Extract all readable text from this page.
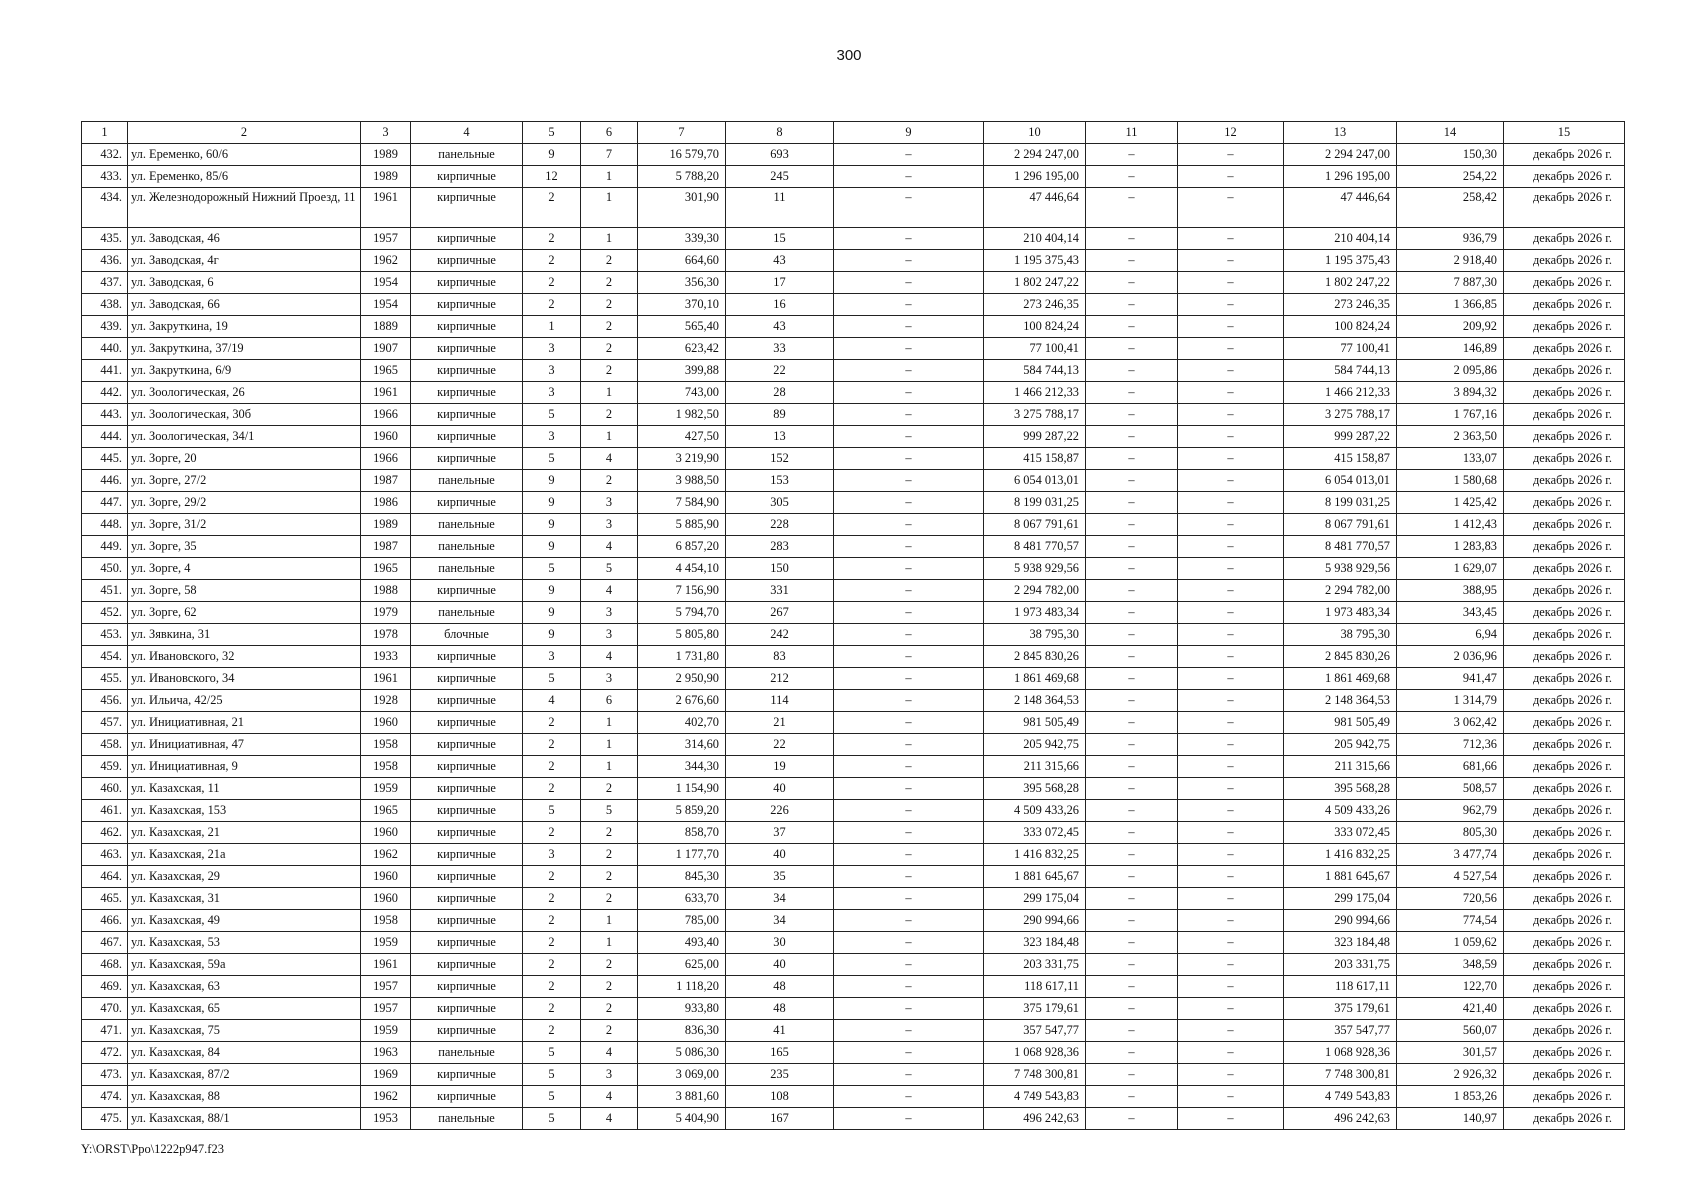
300
1	2	3	4	5	6	7	8	9	10	11	12	13	14	15
432.	ул. Еременко, 60/6	1989	панельные	9	7	16 579,70	693	–	2 294 247,00	–	–	2 294 247,00	150,30	декабрь 2026 г.
433.	ул. Еременко, 85/6	1989	кирпичные	12	1	5 788,20	245	–	1 296 195,00	–	–	1 296 195,00	254,22	декабрь 2026 г.
434.	ул. Железнодорожный Нижний Проезд, 11	1961	кирпичные	2	1	301,90	11	–	47 446,64	–	–	47 446,64	258,42	декабрь 2026 г.
435.	ул. Заводская, 46	1957	кирпичные	2	1	339,30	15	–	210 404,14	–	–	210 404,14	936,79	декабрь 2026 г.
436.	ул. Заводская, 4г	1962	кирпичные	2	2	664,60	43	–	1 195 375,43	–	–	1 195 375,43	2 918,40	декабрь 2026 г.
437.	ул. Заводская, 6	1954	кирпичные	2	2	356,30	17	–	1 802 247,22	–	–	1 802 247,22	7 887,30	декабрь 2026 г.
438.	ул. Заводская, 66	1954	кирпичные	2	2	370,10	16	–	273 246,35	–	–	273 246,35	1 366,85	декабрь 2026 г.
439.	ул. Закруткина, 19	1889	кирпичные	1	2	565,40	43	–	100 824,24	–	–	100 824,24	209,92	декабрь 2026 г.
440.	ул. Закруткина, 37/19	1907	кирпичные	3	2	623,42	33	–	77 100,41	–	–	77 100,41	146,89	декабрь 2026 г.
441.	ул. Закруткина, 6/9	1965	кирпичные	3	2	399,88	22	–	584 744,13	–	–	584 744,13	2 095,86	декабрь 2026 г.
442.	ул. Зоологическая, 26	1961	кирпичные	3	1	743,00	28	–	1 466 212,33	–	–	1 466 212,33	3 894,32	декабрь 2026 г.
443.	ул. Зоологическая, 30б	1966	кирпичные	5	2	1 982,50	89	–	3 275 788,17	–	–	3 275 788,17	1 767,16	декабрь 2026 г.
444.	ул. Зоологическая, 34/1	1960	кирпичные	3	1	427,50	13	–	999 287,22	–	–	999 287,22	2 363,50	декабрь 2026 г.
445.	ул. Зорге, 20	1966	кирпичные	5	4	3 219,90	152	–	415 158,87	–	–	415 158,87	133,07	декабрь 2026 г.
446.	ул. Зорге, 27/2	1987	панельные	9	2	3 988,50	153	–	6 054 013,01	–	–	6 054 013,01	1 580,68	декабрь 2026 г.
447.	ул. Зорге, 29/2	1986	кирпичные	9	3	7 584,90	305	–	8 199 031,25	–	–	8 199 031,25	1 425,42	декабрь 2026 г.
448.	ул. Зорге, 31/2	1989	панельные	9	3	5 885,90	228	–	8 067 791,61	–	–	8 067 791,61	1 412,43	декабрь 2026 г.
449.	ул. Зорге, 35	1987	панельные	9	4	6 857,20	283	–	8 481 770,57	–	–	8 481 770,57	1 283,83	декабрь 2026 г.
450.	ул. Зорге, 4	1965	панельные	5	5	4 454,10	150	–	5 938 929,56	–	–	5 938 929,56	1 629,07	декабрь 2026 г.
451.	ул. Зорге, 58	1988	кирпичные	9	4	7 156,90	331	–	2 294 782,00	–	–	2 294 782,00	388,95	декабрь 2026 г.
452.	ул. Зорге, 62	1979	панельные	9	3	5 794,70	267	–	1 973 483,34	–	–	1 973 483,34	343,45	декабрь 2026 г.
453.	ул. Зявкина, 31	1978	блочные	9	3	5 805,80	242	–	38 795,30	–	–	38 795,30	6,94	декабрь 2026 г.
454.	ул. Ивановского, 32	1933	кирпичные	3	4	1 731,80	83	–	2 845 830,26	–	–	2 845 830,26	2 036,96	декабрь 2026 г.
455.	ул. Ивановского, 34	1961	кирпичные	5	3	2 950,90	212	–	1 861 469,68	–	–	1 861 469,68	941,47	декабрь 2026 г.
456.	ул. Ильича, 42/25	1928	кирпичные	4	6	2 676,60	114	–	2 148 364,53	–	–	2 148 364,53	1 314,79	декабрь 2026 г.
457.	ул. Инициативная, 21	1960	кирпичные	2	1	402,70	21	–	981 505,49	–	–	981 505,49	3 062,42	декабрь 2026 г.
458.	ул. Инициативная, 47	1958	кирпичные	2	1	314,60	22	–	205 942,75	–	–	205 942,75	712,36	декабрь 2026 г.
459.	ул. Инициативная, 9	1958	кирпичные	2	1	344,30	19	–	211 315,66	–	–	211 315,66	681,66	декабрь 2026 г.
460.	ул. Казахская, 11	1959	кирпичные	2	2	1 154,90	40	–	395 568,28	–	–	395 568,28	508,57	декабрь 2026 г.
461.	ул. Казахская, 153	1965	кирпичные	5	5	5 859,20	226	–	4 509 433,26	–	–	4 509 433,26	962,79	декабрь 2026 г.
462.	ул. Казахская, 21	1960	кирпичные	2	2	858,70	37	–	333 072,45	–	–	333 072,45	805,30	декабрь 2026 г.
463.	ул. Казахская, 21а	1962	кирпичные	3	2	1 177,70	40	–	1 416 832,25	–	–	1 416 832,25	3 477,74	декабрь 2026 г.
464.	ул. Казахская, 29	1960	кирпичные	2	2	845,30	35	–	1 881 645,67	–	–	1 881 645,67	4 527,54	декабрь 2026 г.
465.	ул. Казахская, 31	1960	кирпичные	2	2	633,70	34	–	299 175,04	–	–	299 175,04	720,56	декабрь 2026 г.
466.	ул. Казахская, 49	1958	кирпичные	2	1	785,00	34	–	290 994,66	–	–	290 994,66	774,54	декабрь 2026 г.
467.	ул. Казахская, 53	1959	кирпичные	2	1	493,40	30	–	323 184,48	–	–	323 184,48	1 059,62	декабрь 2026 г.
468.	ул. Казахская, 59а	1961	кирпичные	2	2	625,00	40	–	203 331,75	–	–	203 331,75	348,59	декабрь 2026 г.
469.	ул. Казахская, 63	1957	кирпичные	2	2	1 118,20	48	–	118 617,11	–	–	118 617,11	122,70	декабрь 2026 г.
470.	ул. Казахская, 65	1957	кирпичные	2	2	933,80	48	–	375 179,61	–	–	375 179,61	421,40	декабрь 2026 г.
471.	ул. Казахская, 75	1959	кирпичные	2	2	836,30	41	–	357 547,77	–	–	357 547,77	560,07	декабрь 2026 г.
472.	ул. Казахская, 84	1963	панельные	5	4	5 086,30	165	–	1 068 928,36	–	–	1 068 928,36	301,57	декабрь 2026 г.
473.	ул. Казахская, 87/2	1969	кирпичные	5	3	3 069,00	235	–	7 748 300,81	–	–	7 748 300,81	2 926,32	декабрь 2026 г.
474.	ул. Казахская, 88	1962	кирпичные	5	4	3 881,60	108	–	4 749 543,83	–	–	4 749 543,83	1 853,26	декабрь 2026 г.
475.	ул. Казахская, 88/1	1953	панельные	5	4	5 404,90	167	–	496 242,63	–	–	496 242,63	140,97	декабрь 2026 г.
Y:\ORST\Ppo\1222p947.f23
